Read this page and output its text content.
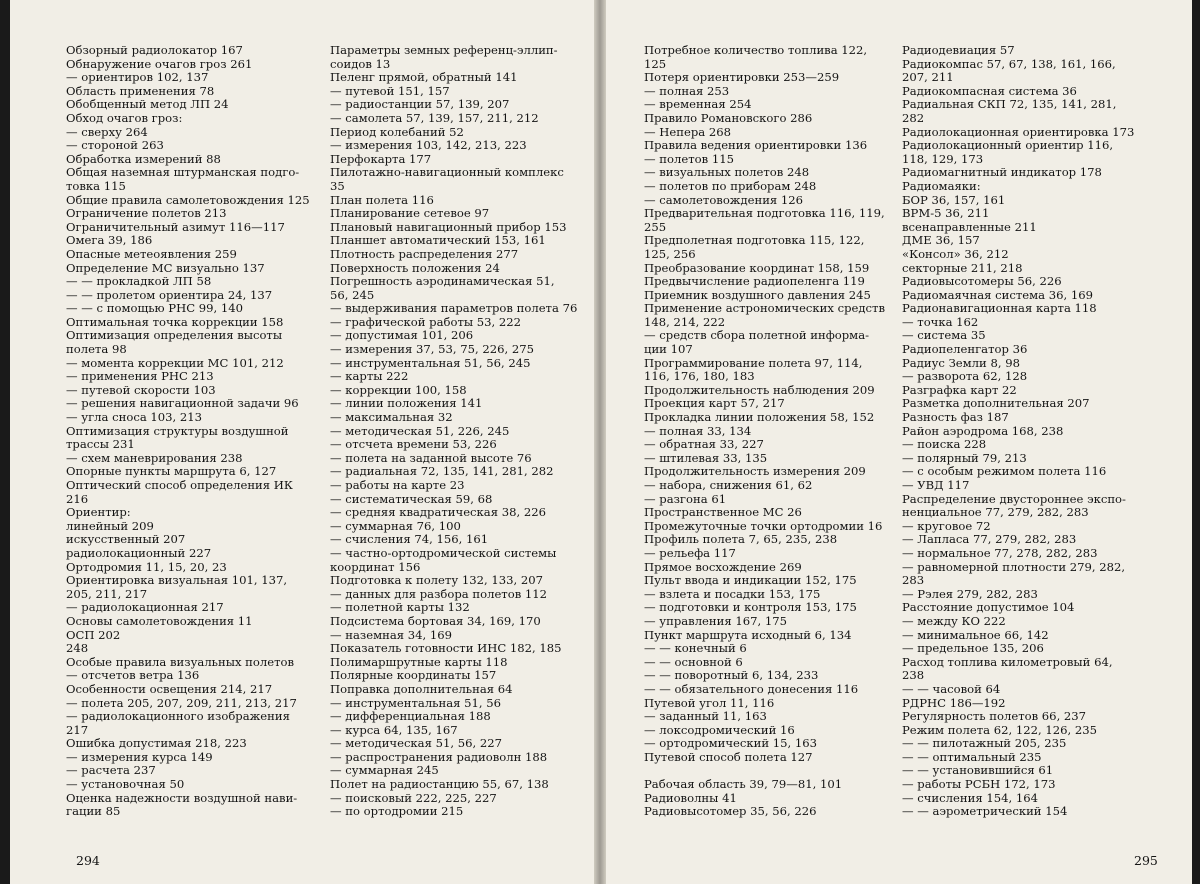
Обзорный радиолокатор 167
Обнаружение очагов гроз 261
— ориентиров 102, 137
Область применения 78
Обобщенный метод ЛП 24
Обход очагов гроз:
— сверху 264
— стороной 263
Обработка измерений 88
Общая наземная штурманская подго-
товка 115
Общие правила самолетовождения 125
Ограничение полетов 213
Ограничительный азимут 116—117
Омега 39, 186
Опасные метеоявления 259
Определение МС визуально 137
— — прокладкой ЛП 58
— — пролетом ориентира 24, 137
— — с помощью РНС 99, 140
Оптимальная точка коррекции 158
Оптимизация определения высоты
полета 98
— момента коррекции МС 101, 212
— применения РНС 213
— путевой скорости 103
— решения навигационной задачи 96
— угла сноса 103, 213
Оптимизация структуры воздушной
трассы 231
— схем маневрирования 238
Опорные пункты маршрута 6, 127
Оптический способ определения ИК
216
Ориентир:
линейный 209
искусственный 207
радиолокационный 227
Ортодромия 11, 15, 20, 23
Ориентировка визуальная 101, 137,
205, 211, 217
— радиолокационная 217
Основы самолетовождения 11
ОСП 202
248
Особые правила визуальных полетов
— отсчетов ветра 136
Особенности освещения 214, 217
— полета 205, 207, 209, 211, 213, 217
— радиолокационного изображения
217
Ошибка допустимая 218, 223
— измерения курса 149
— расчета 237
— установочная 50
Оценка надежности воздушной нави-
гации 85
Параметры земных референц-эллип-
соидов 13
Пеленг прямой, обратный 141
— путевой 151, 157
— радиостанции 57, 139, 207
— самолета 57, 139, 157, 211, 212
Период колебаний 52
— измерения 103, 142, 213, 223
Перфокарта 177
Пилотажно-навигационный комплекс
35
План полета 116
Планирование сетевое 97
Плановый навигационный прибор 153
Планшет автоматический 153, 161
Плотность распределения 277
Поверхность положения 24
Погрешность аэродинамическая 51,
56, 245
— выдерживания параметров полета 76
— графической работы 53, 222
— допустимая 101, 206
— измерения 37, 53, 75, 226, 275
— инструментальная 51, 56, 245
— карты 222
— коррекции 100, 158
— линии положения 141
— максимальная 32
— методическая 51, 226, 245
— отсчета времени 53, 226
— полета на заданной высоте 76
— радиальная 72, 135, 141, 281, 282
— работы на карте 23
— систематическая 59, 68
— средняя квадратическая 38, 226
— суммарная 76, 100
— счисления 74, 156, 161
— частно-ортодромической системы
координат 156
Подготовка к полету 132, 133, 207
— данных для разбора полетов 112
— полетной карты 132
Подсистема бортовая 34, 169, 170
— наземная 34, 169
Показатель готовности ИНС 182, 185
Полимаршрутные карты 118
Полярные координаты 157
Поправка дополнительная 64
— инструментальная 51, 56
— дифференциальная 188
— курса 64, 135, 167
— методическая 51, 56, 227
— распространения радиоволн 188
— суммарная 245
Полет на радиостанцию 55, 67, 138
— поисковый 222, 225, 227
— по ортодромии 215
Потребное количество топлива 122,
125
Потеря ориентировки 253—259
— полная 253
— временная 254
Правило Романовского 286
— Непера 268
Правила ведения ориентировки 136
— полетов 115
— визуальных полетов 248
— полетов по приборам 248
— самолетовождения 126
Предварительная подготовка 116, 119,
255
Предполетная подготовка 115, 122,
125, 256
Преобразование координат 158, 159
Предвычисление радиопеленга 119
Приемник воздушного давления 245
Применение астрономических средств
148, 214, 222
— средств сбора полетной информа-
ции 107
Программирование полета 97, 114,
116, 176, 180, 183
Продолжительность наблюдения 209
Проекция карт 57, 217
Прокладка линии положения 58, 152
— полная 33, 134
— обратная 33, 227
— штилевая 33, 135
Продолжительность измерения 209
— набора, снижения 61, 62
— разгона 61
Пространственное МС 26
Промежуточные точки ортодромии 16
Профиль полета 7, 65, 235, 238
— рельефа 117
Прямое восхождение 269
Пульт ввода и индикации 152, 175
— взлета и посадки 153, 175
— подготовки и контроля 153, 175
— управления 167, 175
Пункт маршрута исходный 6, 134
— — конечный 6
— — основной 6
— — поворотный 6, 134, 233
— — обязательного донесения 116
Путевой угол 11, 116
— заданный 11, 163
— локсодромический 16
— ортодромический 15, 163
Путевой способ полета 127
Рабочая область 39, 79—81, 101
Радиоволны 41
Радиовысотомер 35, 56, 226
Радиодевиация 57
Радиокомпас 57, 67, 138, 161, 166,
207, 211
Радиокомпасная система 36
Радиальная СКП 72, 135, 141, 281,
282
Радиолокационная ориентировка 173
Радиолокационный ориентир 116,
118, 129, 173
Радиомагнитный индикатор 178
Радиомаяки:
БОР 36, 157, 161
ВРМ-5 36, 211
всенаправленные 211
ДМЕ 36, 157
«Консол» 36, 212
секторные 211, 218
Радиовысотомеры 56, 226
Радиомаячная система 36, 169
Радионавигационная карта 118
— точка 162
— система 35
Радиопеленгатор 36
Радиус Земли 8, 98
— разворота 62, 128
Разграфка карт 22
Разметка дополнительная 207
Разность фаз 187
Район аэродрома 168, 238
— поиска 228
— полярный 79, 213
— с особым режимом полета 116
— УВД 117
Распределение двустороннее экспо-
ненциальное 77, 279, 282, 283
— круговое 72
— Лапласа 77, 279, 282, 283
— нормальное 77, 278, 282, 283
— равномерной плотности 279, 282,
283
— Рэлея 279, 282, 283
Расстояние допустимое 104
— между КО 222
— минимальное 66, 142
— предельное 135, 206
Расход топлива километровый 64,
238
— — часовой 64
РДРНС 186—192
Регулярность полетов 66, 237
Режим полета 62, 122, 126, 235
— — пилотажный 205, 235
— — оптимальный 235
— — установившийся 61
— работы РСБН 172, 173
— счисления 154, 164
— — аэрометрический 154
294	295
